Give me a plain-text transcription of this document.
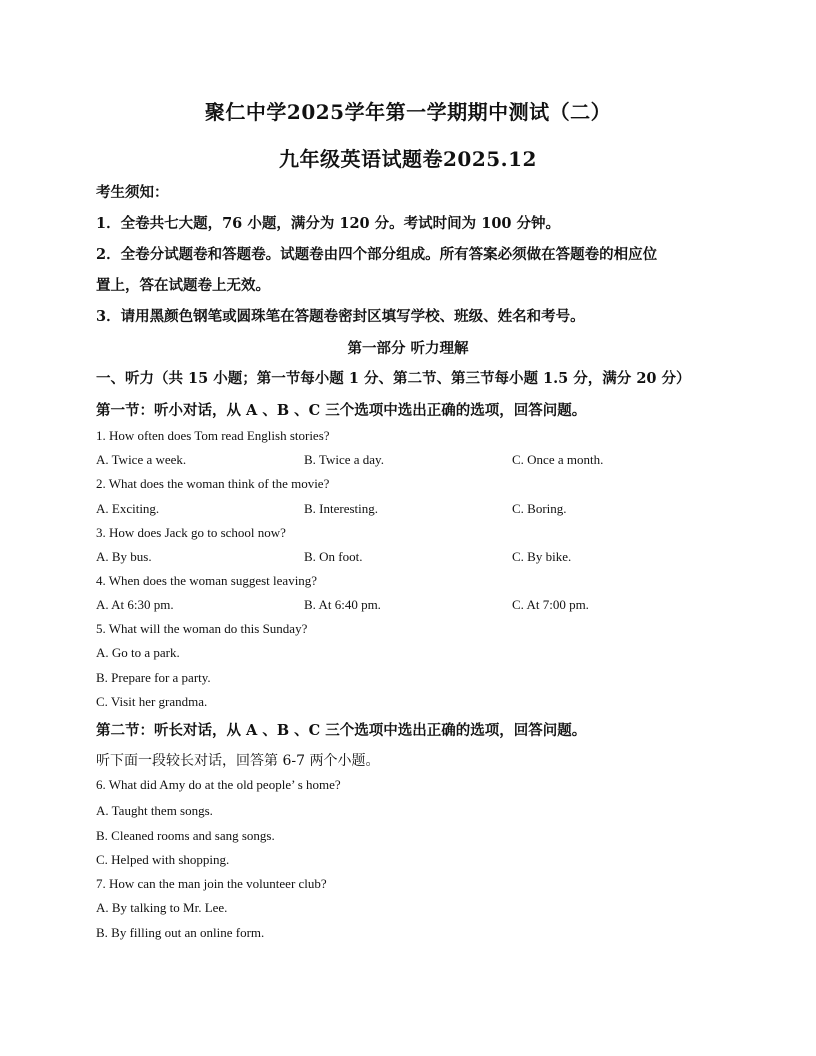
聚仁中学2025学年第一学期期中测试（二）
九年级英语试题卷2025.12
考生须知：
1．全卷共七大题，76 小题，满分为 120 分。考试时间为 100 分钟。
2．全卷分试题卷和答题卷。试题卷由四个部分组成。所有答案必须做在答题卷的相应位
置上，答在试题卷上无效。
3．请用黑颜色钢笔或圆珠笔在答题卷密封区填写学校、班级、姓名和考号。
第一部分 听力理解
一、听力（共 15 小题；第一节每小题 1 分、第二节、第三节每小题 1.5 分，满分 20 分）
第一节：听小对话，从 A 、B 、C 三个选项中选出正确的选项，回答问题。
1. How often does Tom read English stories?
A. Twice a week.	B. Twice a day.	C. Once a month.
2. What does the woman think of the movie?
A. Exciting.	B. Interesting.	C. Boring.
3. How does Jack go to school now?
A. By bus.	B. On foot.	C. By bike.
4. When does the woman suggest leaving?
A. At 6:30 pm.	B. At 6:40 pm.	C. At 7:00 pm.
5. What will the woman do this Sunday?
A. Go to a park.
B. Prepare for a party.
C. Visit her grandma.
第二节：听长对话，从 A 、B 、C 三个选项中选出正确的选项，回答问题。
听下面一段较长对话，回答第 6-7 两个小题。
6. What did Amy do at the old people’ s home?
A. Taught them songs.
B. Cleaned rooms and sang songs.
C. Helped with shopping.
7. How can the man join the volunteer club?
A. By talking to Mr. Lee.
B. By filling out an online form.
